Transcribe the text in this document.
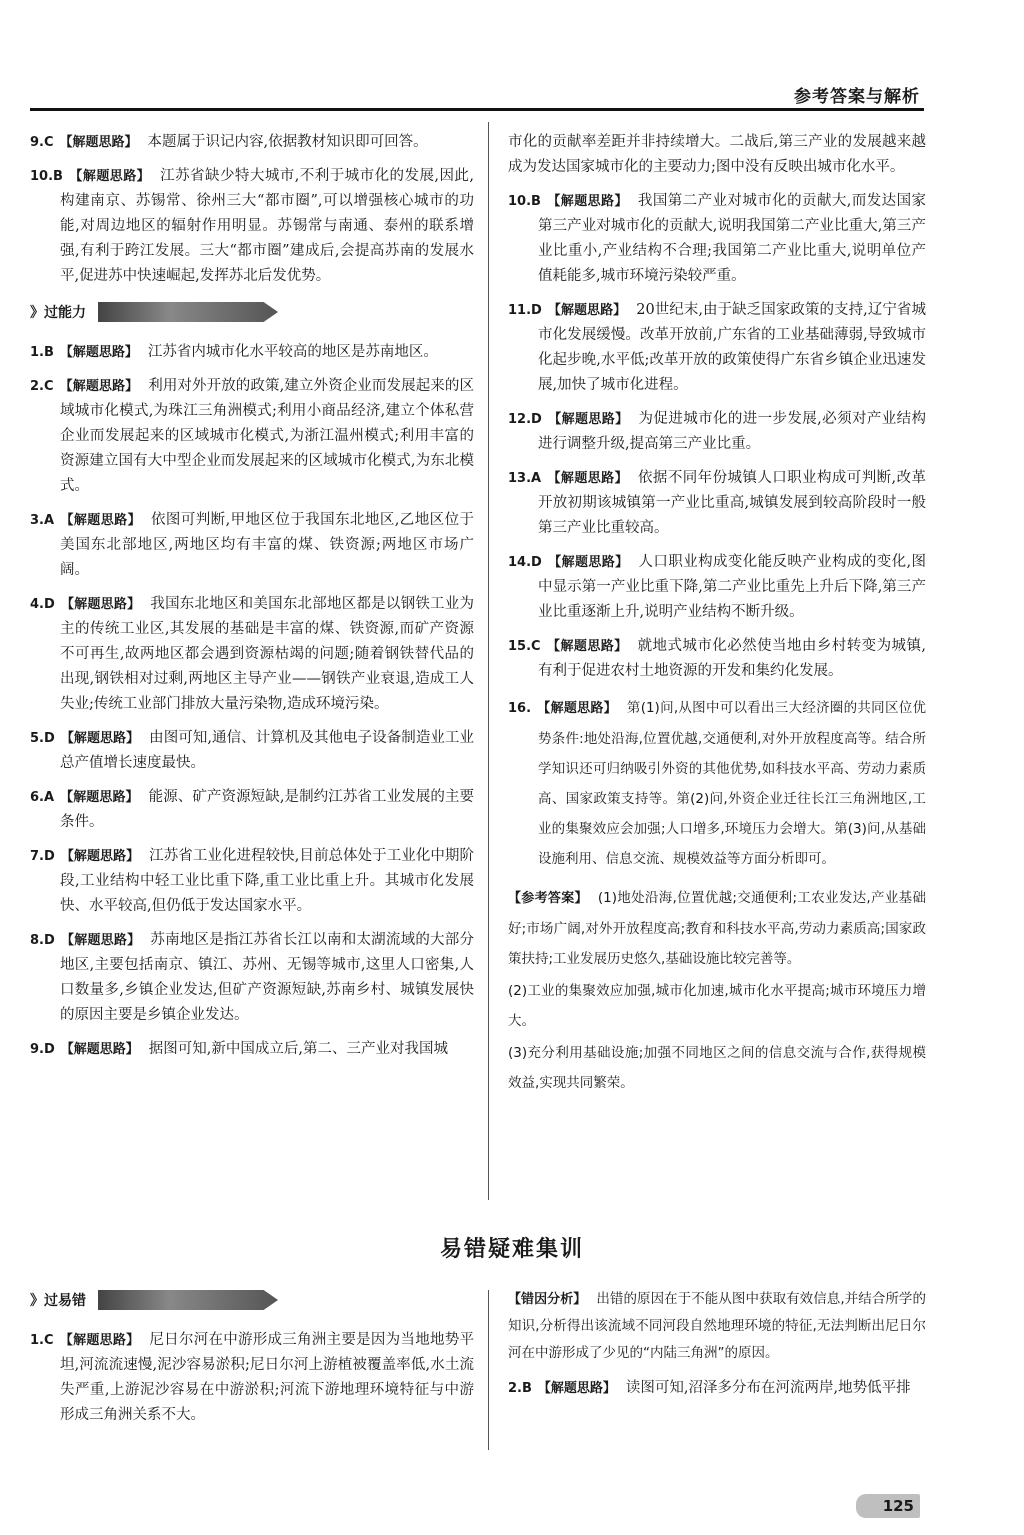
参考答案与解析

9.C 【解题思路】 本题属于识记内容,依据教材知识即可回答。

10.B 【解题思路】 江苏省缺少特大城市,不利于城市化的发展,因此,构建南京、苏锡常、徐州三大“都市圈”,可以增强核心城市的功能,对周边地区的辐射作用明显。苏锡常与南通、泰州的联系增强,有利于跨江发展。三大“都市圈”建成后,会提高苏南的发展水平,促进苏中快速崛起,发挥苏北后发优势。

》过能力

1.B 【解题思路】 江苏省内城市化水平较高的地区是苏南地区。

2.C 【解题思路】 利用对外开放的政策,建立外资企业而发展起来的区域城市化模式,为珠江三角洲模式;利用小商品经济,建立个体私营企业而发展起来的区域城市化模式,为浙江温州模式;利用丰富的资源建立国有大中型企业而发展起来的区域城市化模式,为东北模式。

3.A 【解题思路】 依图可判断,甲地区位于我国东北地区,乙地区位于美国东北部地区,两地区均有丰富的煤、铁资源;两地区市场广阔。

4.D 【解题思路】 我国东北地区和美国东北部地区都是以钢铁工业为主的传统工业区,其发展的基础是丰富的煤、铁资源,而矿产资源不可再生,故两地区都会遇到资源枯竭的问题;随着钢铁替代品的出现,钢铁相对过剩,两地区主导产业——钢铁产业衰退,造成工人失业;传统工业部门排放大量污染物,造成环境污染。

5.D 【解题思路】 由图可知,通信、计算机及其他电子设备制造业工业总产值增长速度最快。

6.A 【解题思路】 能源、矿产资源短缺,是制约江苏省工业发展的主要条件。

7.D 【解题思路】 江苏省工业化进程较快,目前总体处于工业化中期阶段,工业结构中轻工业比重下降,重工业比重上升。其城市化发展快、水平较高,但仍低于发达国家水平。

8.D 【解题思路】 苏南地区是指江苏省长江以南和太湖流域的大部分地区,主要包括南京、镇江、苏州、无锡等城市,这里人口密集,人口数量多,乡镇企业发达,但矿产资源短缺,苏南乡村、城镇发展快的原因主要是乡镇企业发达。

9.D 【解题思路】 据图可知,新中国成立后,第二、三产业对我国城

市化的贡献率差距并非持续增大。二战后,第三产业的发展越来越成为发达国家城市化的主要动力;图中没有反映出城市化水平。

10.B 【解题思路】 我国第二产业对城市化的贡献大,而发达国家第三产业对城市化的贡献大,说明我国第二产业比重大,第三产业比重小,产业结构不合理;我国第二产业比重大,说明单位产值耗能多,城市环境污染较严重。

11.D 【解题思路】 20世纪末,由于缺乏国家政策的支持,辽宁省城市化发展缓慢。改革开放前,广东省的工业基础薄弱,导致城市化起步晚,水平低;改革开放的政策使得广东省乡镇企业迅速发展,加快了城市化进程。

12.D 【解题思路】 为促进城市化的进一步发展,必须对产业结构进行调整升级,提高第三产业比重。

13.A 【解题思路】 依据不同年份城镇人口职业构成可判断,改革开放初期该城镇第一产业比重高,城镇发展到较高阶段时一般第三产业比重较高。

14.D 【解题思路】 人口职业构成变化能反映产业构成的变化,图中显示第一产业比重下降,第二产业比重先上升后下降,第三产业比重逐渐上升,说明产业结构不断升级。

15.C 【解题思路】 就地式城市化必然使当地由乡村转变为城镇,有利于促进农村土地资源的开发和集约化发展。

16. 【解题思路】 第(1)问,从图中可以看出三大经济圈的共同区位优势条件:地处沿海,位置优越,交通便利,对外开放程度高等。结合所学知识还可归纳吸引外资的其他优势,如科技水平高、劳动力素质高、国家政策支持等。第(2)问,外资企业迁往长江三角洲地区,工业的集聚效应会加强;人口增多,环境压力会增大。第(3)问,从基础设施利用、信息交流、规模效益等方面分析即可。

【参考答案】 (1)地处沿海,位置优越;交通便利;工农业发达,产业基础好;市场广阔,对外开放程度高;教育和科技水平高,劳动力素质高;国家政策扶持;工业发展历史悠久,基础设施比较完善等。

(2)工业的集聚效应加强,城市化加速,城市化水平提高;城市环境压力增大。

(3)充分利用基础设施;加强不同地区之间的信息交流与合作,获得规模效益,实现共同繁荣。

易错疑难集训
》过易错

1.C 【解题思路】 尼日尔河在中游形成三角洲主要是因为当地地势平坦,河流流速慢,泥沙容易淤积;尼日尔河上游植被覆盖率低,水土流失严重,上游泥沙容易在中游淤积;河流下游地理环境特征与中游形成三角洲关系不大。

【错因分析】 出错的原因在于不能从图中获取有效信息,并结合所学的知识,分析得出该流域不同河段自然地理环境的特征,无法判断出尼日尔河在中游形成了少见的“内陆三角洲”的原因。

2.B 【解题思路】 读图可知,沼泽多分布在河流两岸,地势低平排

125
